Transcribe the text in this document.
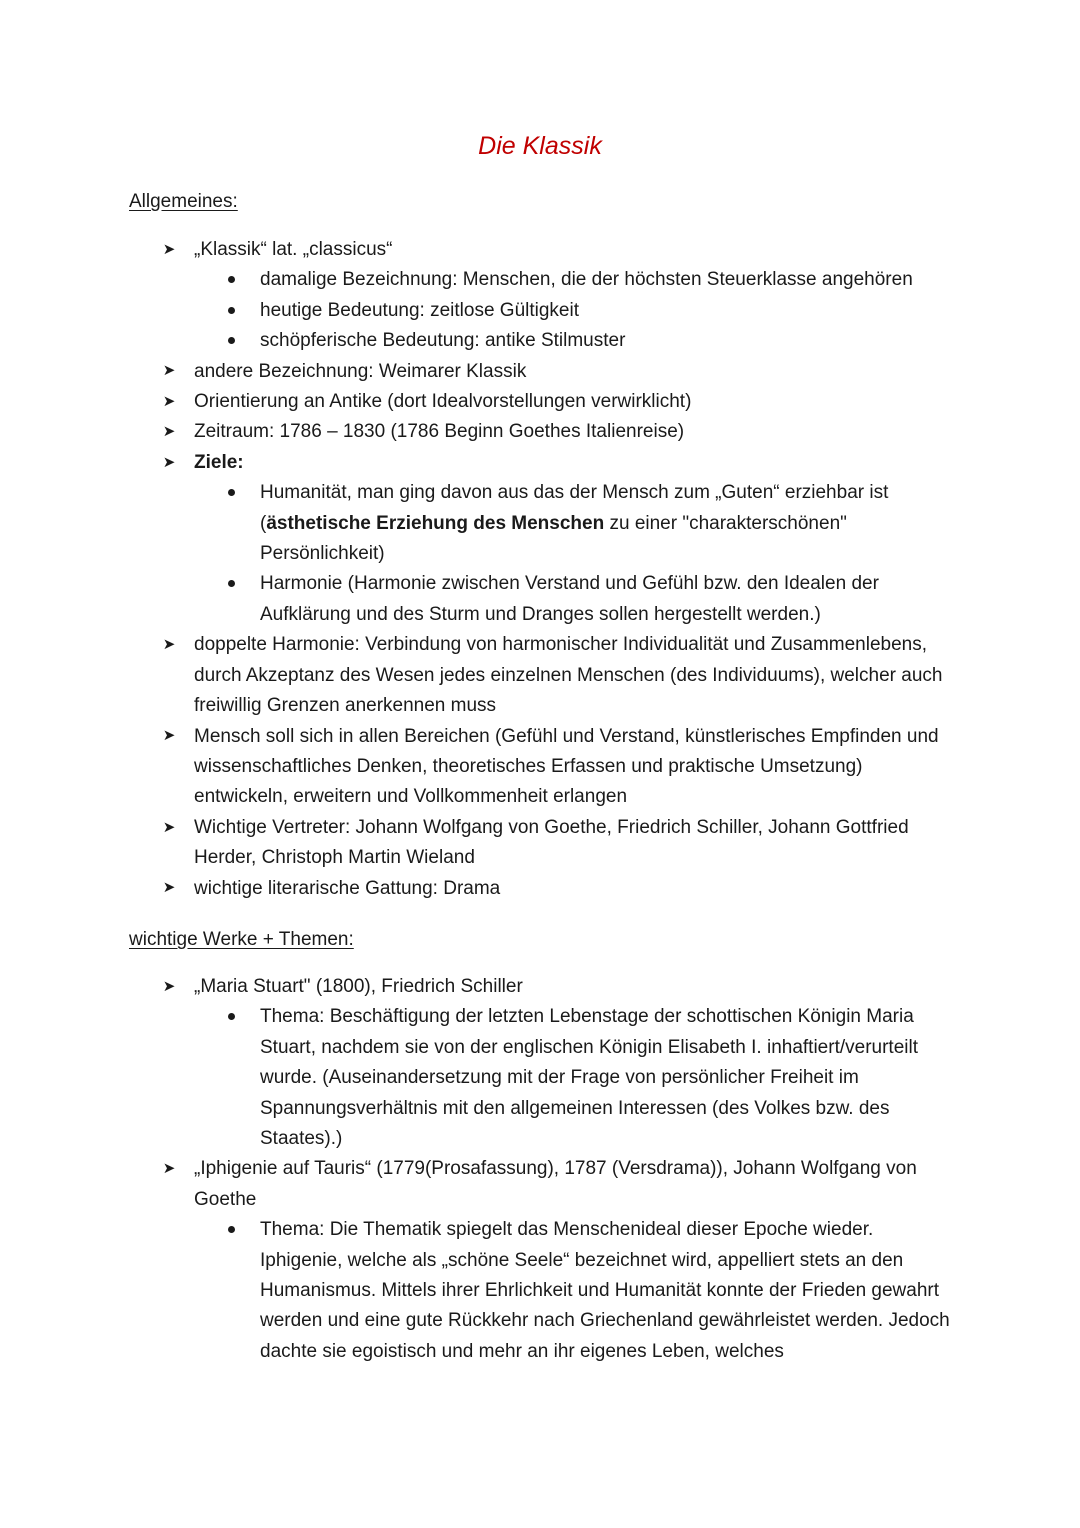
Die Klassik
Allgemeines:
➤ „Klassik“ lat. „classicus“
damalige Bezeichnung: Menschen, die der höchsten Steuerklasse angehören
heutige Bedeutung: zeitlose Gültigkeit
schöpferische Bedeutung: antike Stilmuster
➤ andere Bezeichnung: Weimarer Klassik
➤ Orientierung an Antike (dort Idealvorstellungen verwirklicht)
➤ Zeitraum: 1786 – 1830 (1786 Beginn Goethes Italienreise)
➤ Ziele:
Humanität, man ging davon aus das der Mensch zum „Guten“ erziehbar ist (ästhetische Erziehung des Menschen zu einer "charakterschönen" Persönlichkeit)
Harmonie (Harmonie zwischen Verstand und Gefühl bzw. den Idealen der Aufklärung und des Sturm und Dranges sollen hergestellt werden.)
➤ doppelte Harmonie: Verbindung von harmonischer Individualität und Zusammenlebens, durch Akzeptanz des Wesen jedes einzelnen Menschen (des Individuums), welcher auch freiwillig Grenzen anerkennen muss
➤ Mensch soll sich in allen Bereichen (Gefühl und Verstand, künstlerisches Empfinden und wissenschaftliches Denken, theoretisches Erfassen und praktische Umsetzung) entwickeln, erweitern und Vollkommenheit erlangen
➤ Wichtige Vertreter: Johann Wolfgang von Goethe, Friedrich Schiller, Johann Gottfried Herder, Christoph Martin Wieland
➤ wichtige literarische Gattung: Drama
wichtige Werke + Themen:
➤ „Maria Stuart" (1800), Friedrich Schiller
Thema: Beschäftigung der letzten Lebenstage der schottischen Königin Maria Stuart, nachdem sie von der englischen Königin Elisabeth I. inhaftiert/verurteilt wurde. (Auseinandersetzung mit der Frage von persönlicher Freiheit im Spannungsverhältnis mit den allgemeinen Interessen (des Volkes bzw. des Staates).)
➤ „Iphigenie auf Tauris“ (1779(Prosafassung), 1787 (Versdrama)), Johann Wolfgang von Goethe
Thema: Die Thematik spiegelt das Menschenideal dieser Epoche wieder. Iphigenie, welche als „schöne Seele“ bezeichnet wird, appelliert stets an den Humanismus. Mittels ihrer Ehrlichkeit und Humanität konnte der Frieden gewahrt werden und eine gute Rückkehr nach Griechenland gewährleistet werden. Jedoch dachte sie egoistisch und mehr an ihr eigenes Leben, welches
